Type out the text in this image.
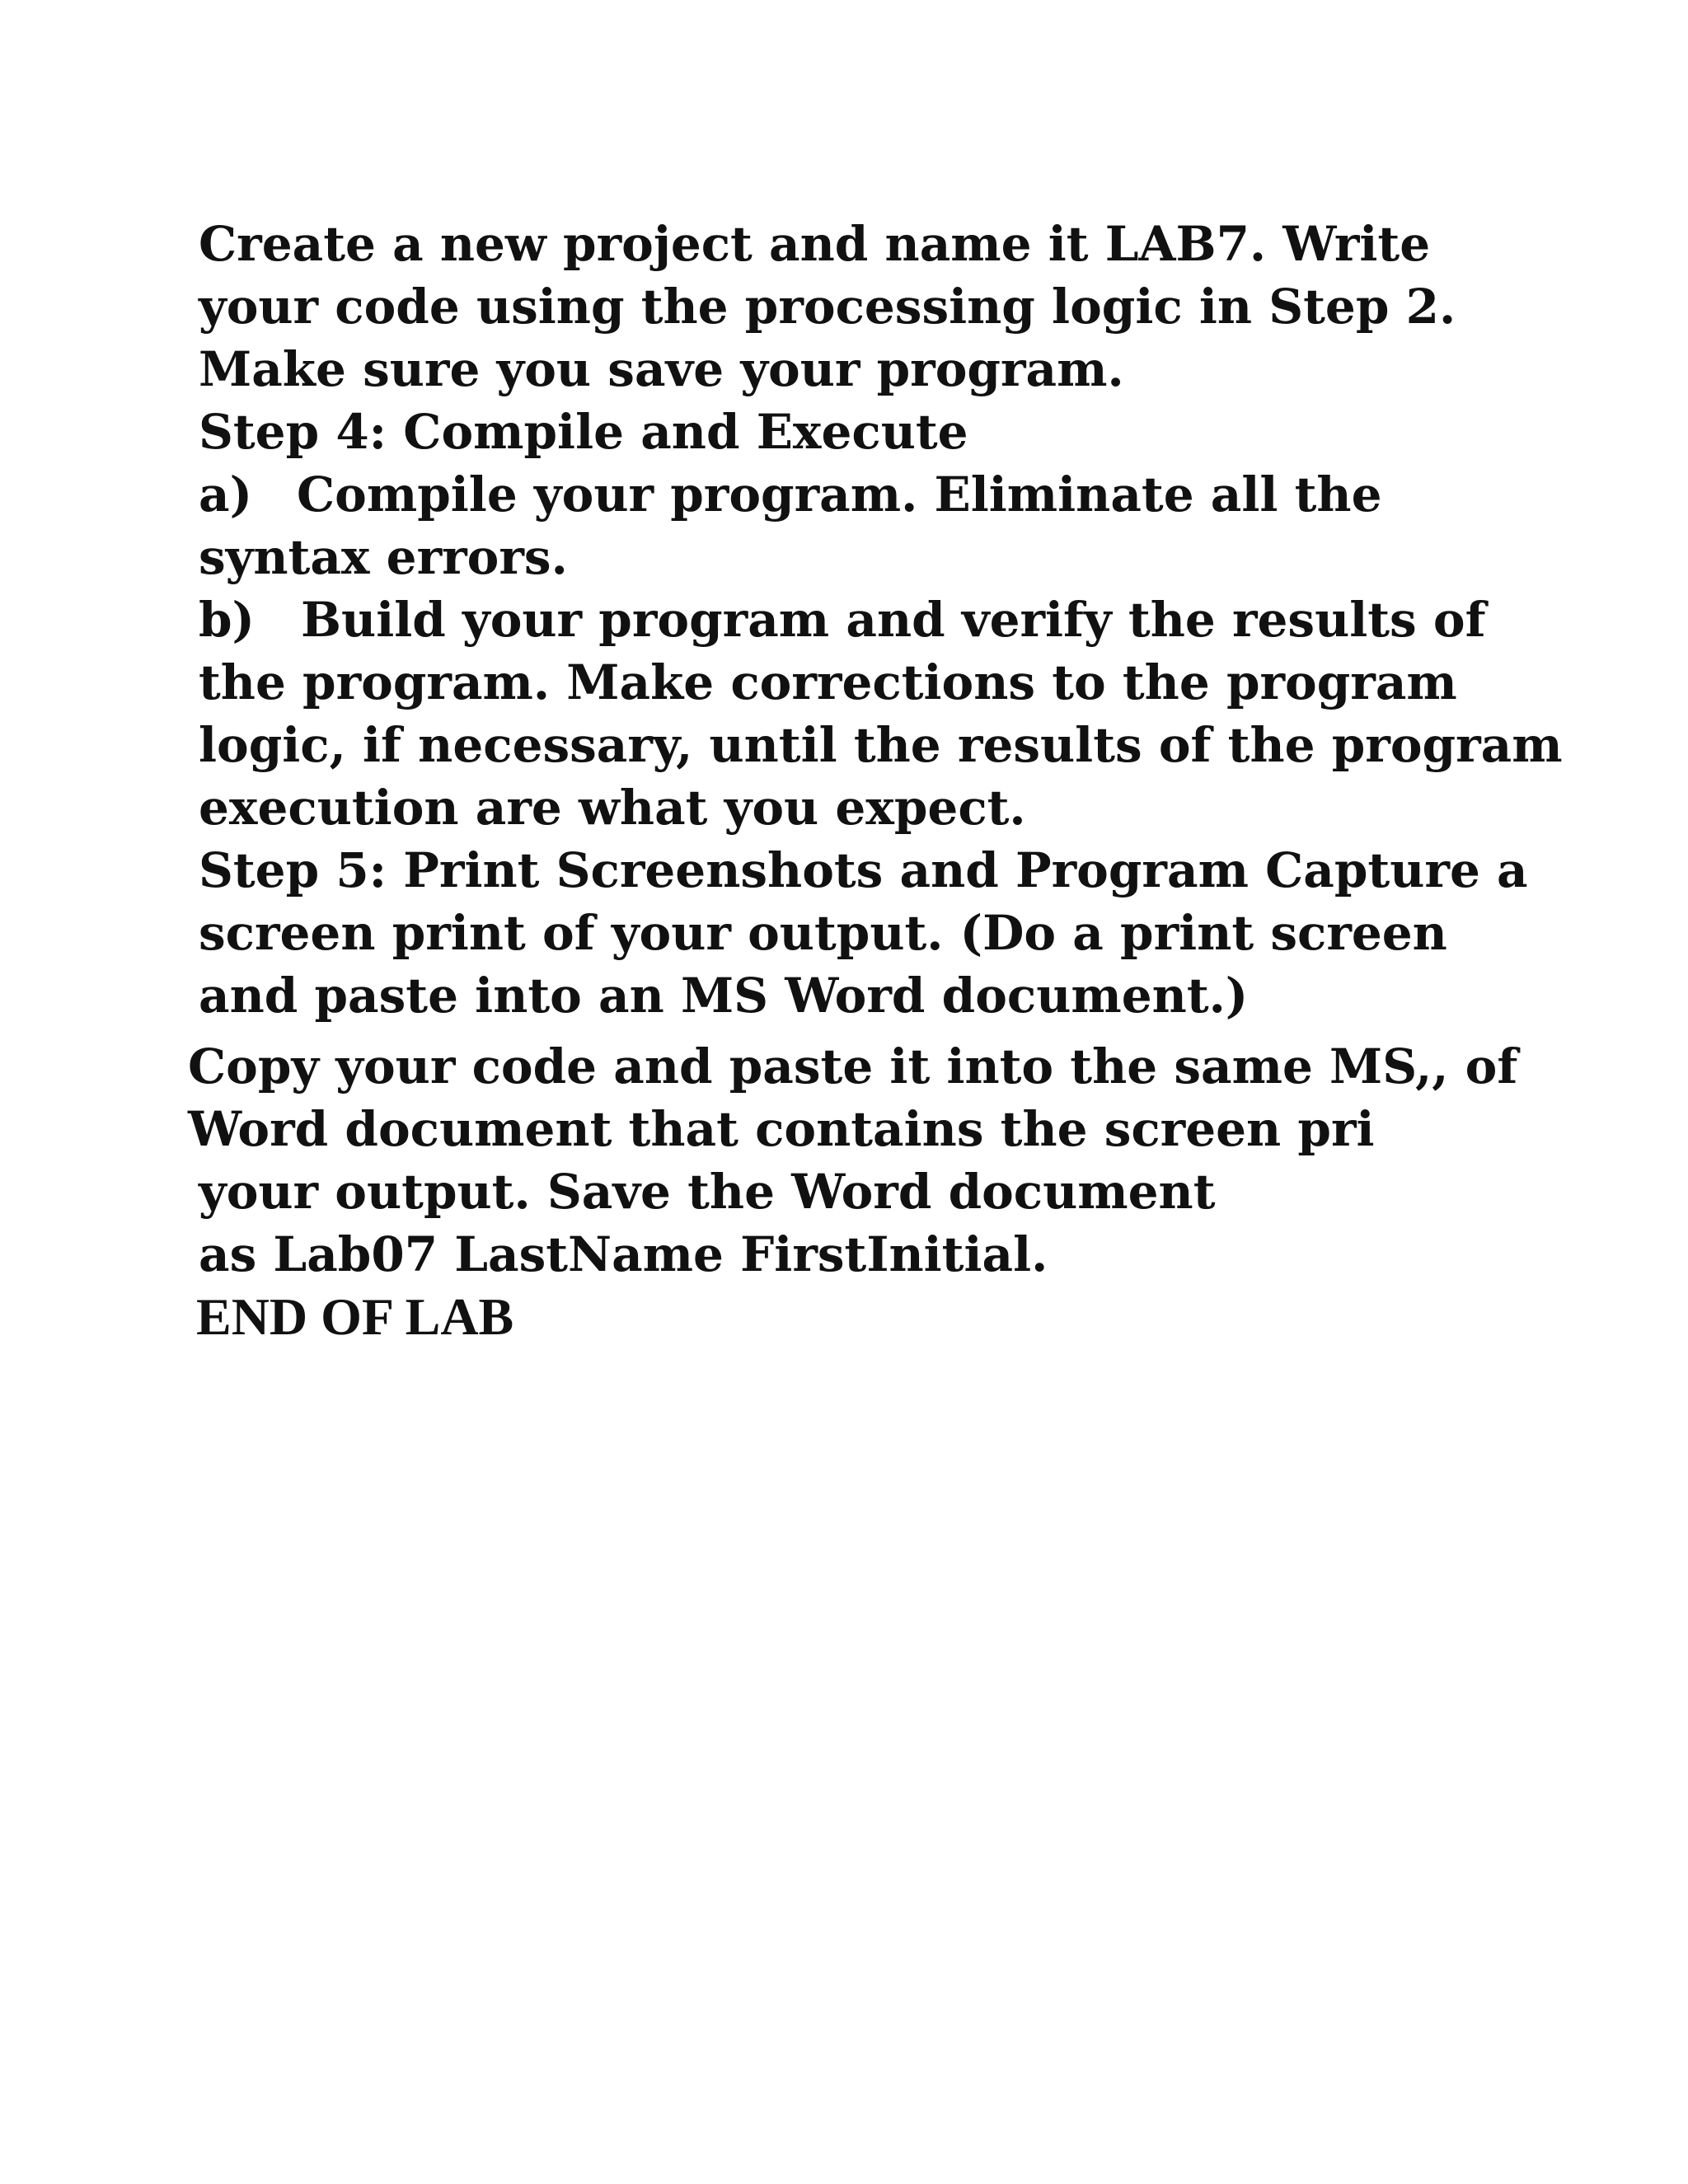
Create a new project and name it LAB7. Write
your code using the processing logic in Step 2.
Make sure you save your program.
Step 4: Compile and Execute
a) Compile your program. Eliminate all the
syntax errors.
b) Build your program and verify the results of
the program. Make corrections to the program
logic, if necessary, until the results of the program
execution are what you expect.
Step 5: Print Screenshots and Program Capture a
screen print of your output. (Do a print screen
and paste into an MS Word document.)
Copy your code and paste it into the same MS,, of
Word document that contains the screen pri
your output. Save the Word document
as Lab07 LastName FirstInitial.
END OF LAB
